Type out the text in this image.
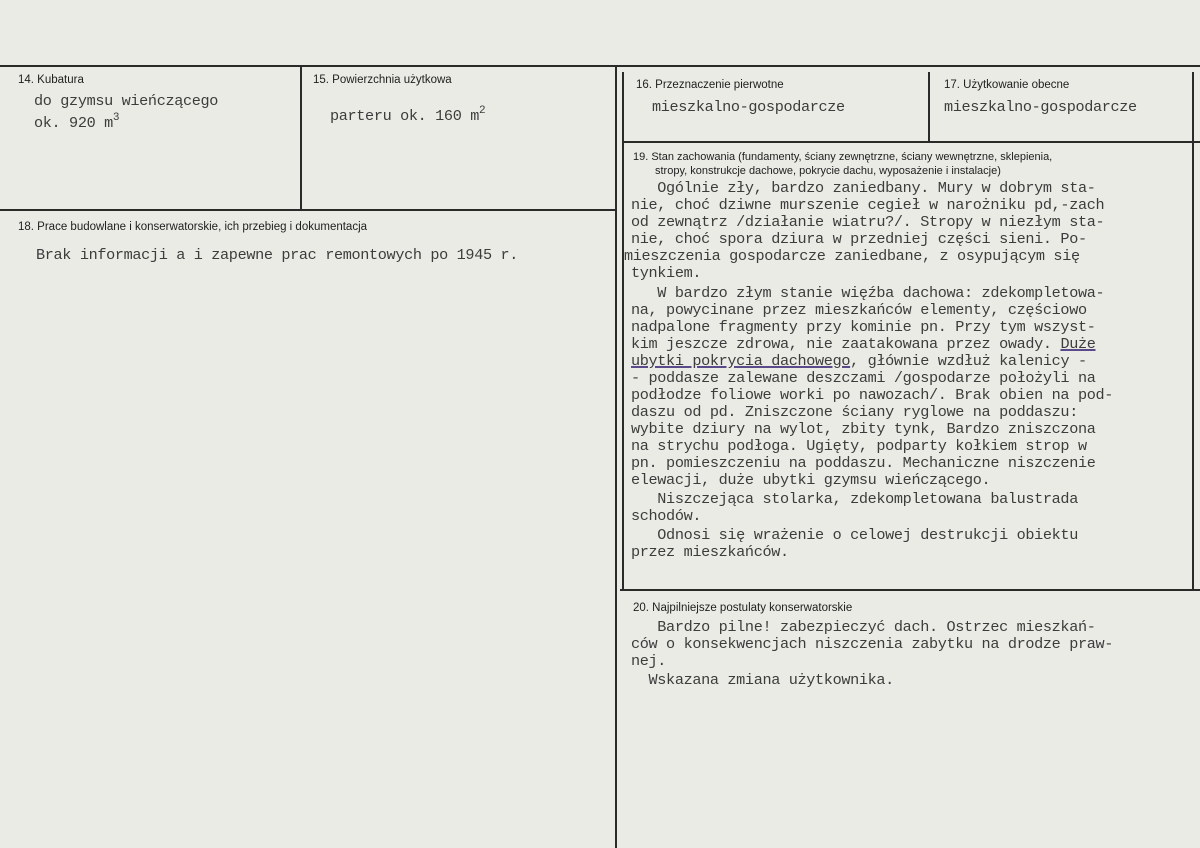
14. Kubatura
do gzymsu wieńczącego
ok. 920 $m^3$
15. Powierzchnia użytkowa
parteru ok. 160 $m^2$
16. Przeznaczenie pierwotne
mieszkalno-gospodarcze
17. Użytkowanie obecne
mieszkalno-gospodarcze
18. Prace budowlane i konserwatorskie, ich przebieg i dokumentacja
Brak informacji a i zapewne prac remontowych po 1945 r.
19. Stan zachowania (fundamenty, ściany zewnętrzne, ściany wewnętrzne, sklepienia,
stropy, konstrukcje dachowe, pokrycie dachu, wyposażenie i instalacje)
Ogólnie zły, bardzo zaniedbany. Mury w dobrym sta-
nie, choć dziwne murszenie cegieł w narożniku pd,-zach
od zewnątrz /działanie wiatru?/. Stropy w niezłym sta-
nie, choć spora dziura w przedniej części sieni. Po-
mieszczenia gospodarcze zaniedbane, z osypującym się
tynkiem.
W bardzo złym stanie więźba dachowa: zdekompletowa-
na, powycinane przez mieszkańców elementy, częściowo
nadpalone fragmenty przy kominie pn. Przy tym wszyst-
kim jeszcze zdrowa, nie zaatakowana przez owady. Duże
ubytki pokrycia dachowego, głównie wzdłuż kalenicy -
- poddasze zalewane deszczami /gospodarze położyli na
podłodze foliowe worki po nawozach/. Brak obien na pod-
daszu od pd. Zniszczone ściany ryglowe na poddaszu:
wybite dziury na wylot, zbity tynk, Bardzo zniszczona
na strychu podłoga. Ugięty, podparty kołkiem strop w
pn. pomieszczeniu na poddaszu. Mechaniczne niszczenie
elewacji, duże ubytki gzymsu wieńczącego.
Niszczejąca stolarka, zdekompletowana balustrada
schodów.
Odnosi się wrażenie o celowej destrukcji obiektu
przez mieszkańców.
20. Najpilniejsze postulaty konserwatorskie
Bardzo pilne! zabezpieczyć dach. Ostrzec mieszkań-
ców o konsekwencjach niszczenia zabytku na drodze praw-
nej.
Wskazana zmiana użytkownika.
